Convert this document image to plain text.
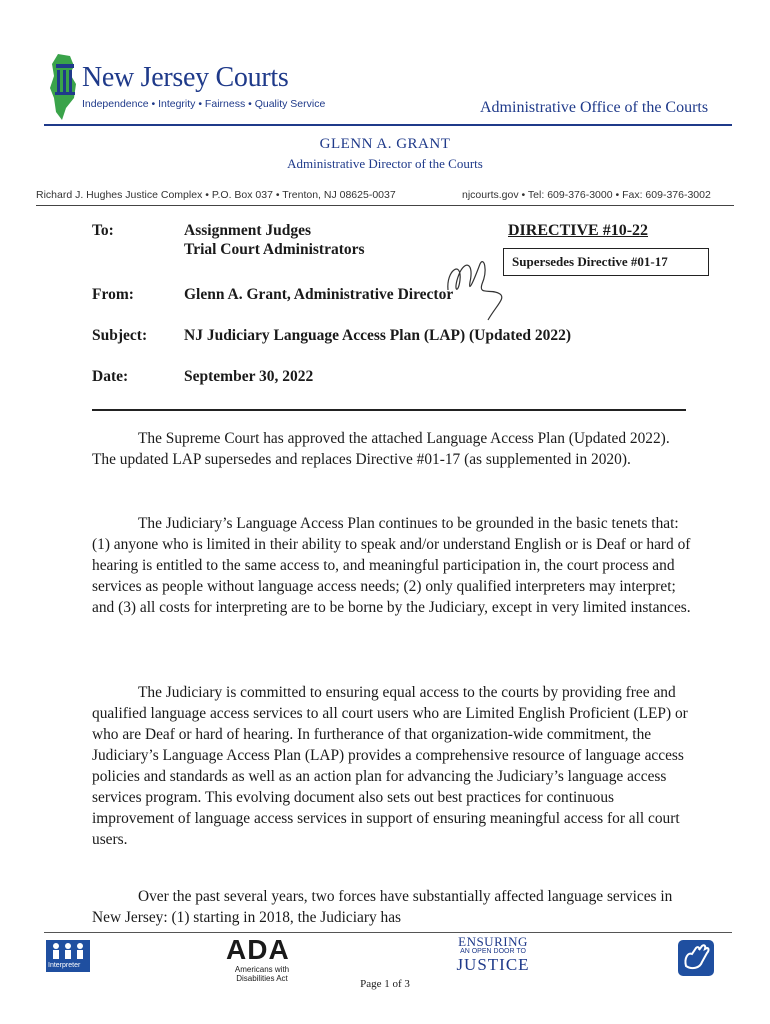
New Jersey Courts
Independence • Integrity • Fairness • Quality Service	Administrative Office of the Courts
GLENN A. GRANT
Administrative Director of the Courts
Richard J. Hughes Justice Complex • P.O. Box 037 • Trenton, NJ 08625-0037	njcourts.gov • Tel: 609-376-3000 • Fax: 609-376-3002
To:	Assignment Judges
Trial Court Administrators
DIRECTIVE #10-22
Supersedes Directive #01-17
From:	Glenn A. Grant, Administrative Director
Subject: NJ Judiciary Language Access Plan (LAP) (Updated 2022)
Date:	September 30, 2022

The Supreme Court has approved the attached Language Access Plan (Updated 2022). The updated LAP supersedes and replaces Directive #01-17 (as supplemented in 2020).

The Judiciary’s Language Access Plan continues to be grounded in the basic tenets that: (1) anyone who is limited in their ability to speak and/or understand English or is Deaf or hard of hearing is entitled to the same access to, and meaningful participation in, the court process and services as people without language access needs; (2) only qualified interpreters may interpret; and (3) all costs for interpreting are to be borne by the Judiciary, except in very limited instances.

The Judiciary is committed to ensuring equal access to the courts by providing free and qualified language access services to all court users who are Limited English Proficient (LEP) or who are Deaf or hard of hearing. In furtherance of that organization-wide commitment, the Judiciary’s Language Access Plan (LAP) provides a comprehensive resource of language access policies and standards as well as an action plan for advancing the Judiciary’s language access services program. This evolving document also sets out best practices for continuous improvement of language access services in support of ensuring meaningful access for all court users.

Over the past several years, two forces have substantially affected language services in New Jersey: (1) starting in 2018, the Judiciary has

Interpreter
ADA
Americans with Disabilities Act
ENSURING
AN OPEN DOOR TO
JUSTICE
Page 1 of 3
